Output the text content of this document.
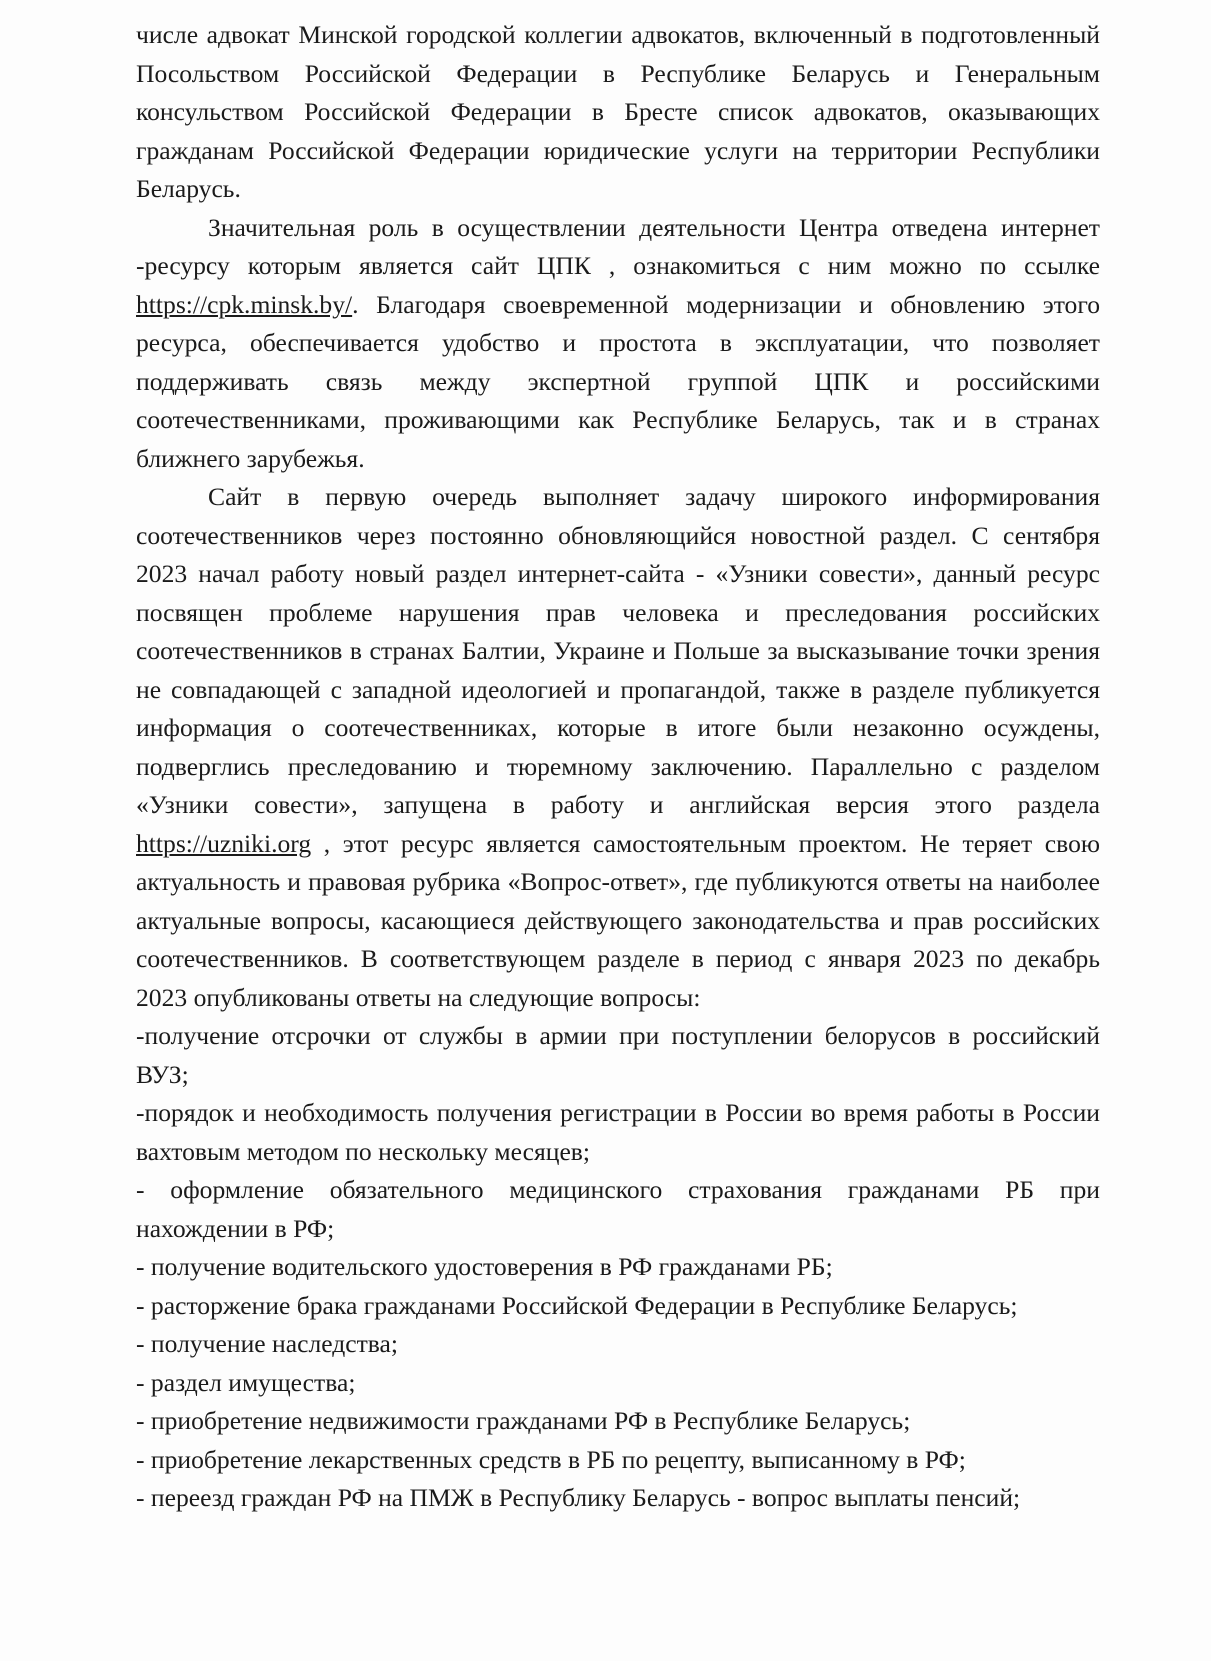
числе адвокат Минской городской коллегии адвокатов, включенный в подготовленный Посольством Российской Федерации в Республике Беларусь и Генеральным консульством Российской Федерации в Бресте список адвокатов, оказывающих гражданам Российской Федерации юридические услуги на территории Республики Беларусь.

Значительная роль в осуществлении деятельности Центра отведена интернет -ресурсу которым является сайт ЦПК , ознакомиться с ним можно по ссылке https://cpk.minsk.by/. Благодаря своевременной модернизации и обновлению этого ресурса, обеспечивается удобство и простота в эксплуатации, что позволяет поддерживать связь между экспертной группой ЦПК и российскими соотечественниками, проживающими как Республике Беларусь, так и в странах ближнего зарубежья.

Сайт в первую очередь выполняет задачу широкого информирования соотечественников через постоянно обновляющийся новостной раздел. С сентября 2023 начал работу новый раздел интернет-сайта - «Узники совести», данный ресурс посвящен проблеме нарушения прав человека и преследования российских соотечественников в странах Балтии, Украине и Польше за высказывание точки зрения не совпадающей с западной идеологией и пропагандой, также в разделе публикуется информация о соотечественниках, которые в итоге были незаконно осуждены, подверглись преследованию и тюремному заключению. Параллельно с разделом «Узники совести», запущена в работу и английская версия этого раздела https://uzniki.org , этот ресурс является самостоятельным проектом. Не теряет свою актуальность и правовая рубрика «Вопрос-ответ», где публикуются ответы на наиболее актуальные вопросы, касающиеся действующего законодательства и прав российских соотечественников. В соответствующем разделе в период с января 2023 по декабрь 2023 опубликованы ответы на следующие вопросы:

-получение отсрочки от службы в армии при поступлении белорусов в российский ВУЗ;

-порядок и необходимость получения регистрации в России во время работы в России вахтовым методом по нескольку месяцев;

- оформление обязательного медицинского страхования гражданами РБ при нахождении в РФ;

- получение водительского удостоверения в РФ гражданами РБ;

- расторжение брака гражданами Российской Федерации в Республике Беларусь;

- получение наследства;

- раздел имущества;

- приобретение недвижимости гражданами РФ в Республике Беларусь;

- приобретение лекарственных средств в РБ по рецепту, выписанному в РФ;

- переезд граждан РФ на ПМЖ в Республику Беларусь - вопрос выплаты пенсий;
